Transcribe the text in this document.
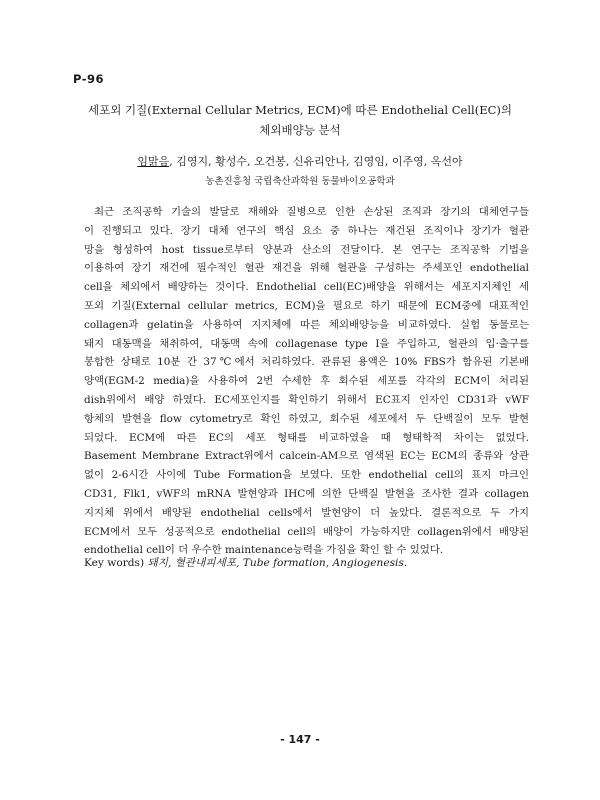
P-96
세포외 기질(External Cellular Metrics, ECM)에 따른 Endothelial Cell(EC)의
체외배양능 분석
임맑음, 김영지, 황성수, 오건봉, 신유리안나, 김영임, 이주영, 옥선아
농촌진흥청 국립축산과학원 동물바이오공학과
최근 조직공학 기술의 발달로 재해와 질병으로 인한 손상된 조직과 장기의 대체연구들
이 진행되고 있다. 장기 대체 연구의 핵심 요소 중 하나는 재건된 조직이나 장기가 혈관
망을 형성하여 host tissue로부터 양분과 산소의 전달이다. 본 연구는 조직공학 기법을
이용하여 장기 재건에 필수적인 혈관 재건을 위해 혈관을 구성하는 주세포인 endothelial
cell을 체외에서 배양하는 것이다. Endothelial cell(EC)배양을 위해서는 세포지지체인 세
포외 기질(External cellular metrics, ECM)을 필요로 하기 때문에 ECM중에 대표적인
collagen과 gelatin을 사용하여 지지체에 따른 체외배양능을 비교하였다. 실험 동물로는
돼지 대동맥을 채취하여, 대동맥 속에 collagenase type I을 주입하고, 혈관의 입·출구를
봉합한 상태로 10분 간 37℃에서 처리하였다. 관류된 용액은 10% FBS가 함유된 기본배
양액(EGM-2 media)을 사용하여 2번 수세한 후 회수된 세포를 각각의 ECM이 처리된
dish위에서 배양 하였다. EC세포인지를 확인하기 위해서 EC표지 인자인 CD31과 vWF
항체의 발현을 flow cytometry로 확인 하였고, 회수된 세포에서 두 단백질이 모두 발현
되었다. ECM에 따른 EC의 세포 형태를 비교하였을 때 형태학적 차이는 없었다.
Basement Membrane Extract위에서 calcein-AM으로 염색된 EC는 ECM의 종류와 상관
없이 2-6시간 사이에 Tube Formation을 보였다. 또한 endothelial cell의 표지 마크인
CD31, Flk1, vWF의 mRNA 발현양과 IHC에 의한 단백질 발현을 조사한 결과 collagen
지지체 위에서 배양된 endothelial cells에서 발현양이 더 높았다. 결론적으로 두 가지
ECM에서 모두 성공적으로 endothelial cell의 배양이 가능하지만 collagen위에서 배양된
endothelial cell이 더 우수한 maintenance능력을 가짐을 확인 할 수 있었다.
Key words) 돼지, 혈관내피세포, Tube formation, Angiogenesis.
- 147 -
